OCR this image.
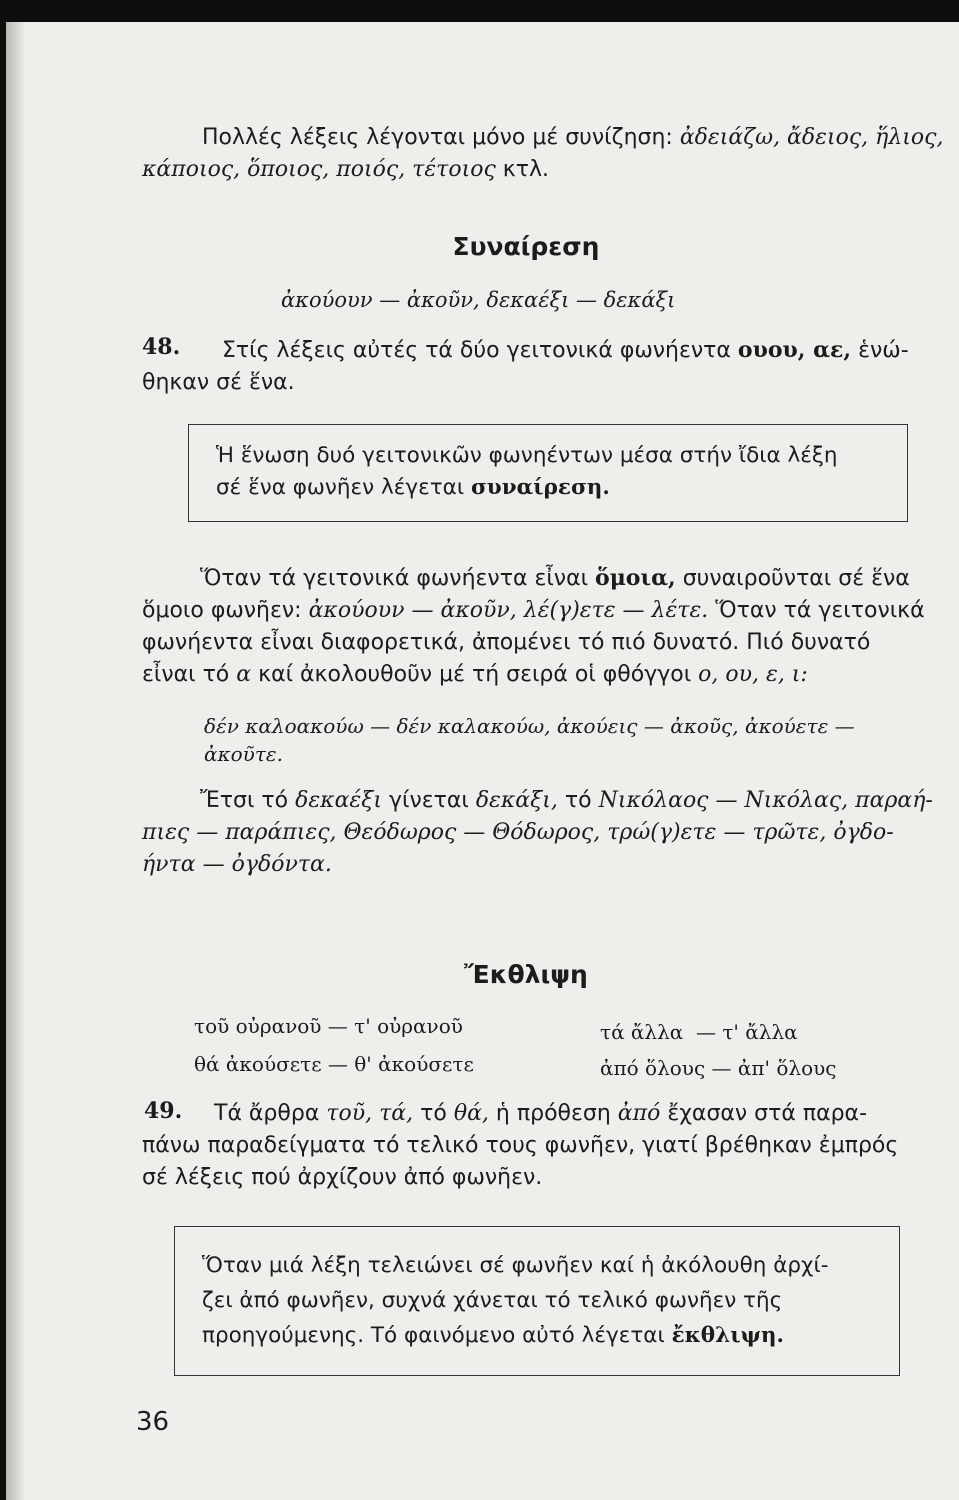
Πολλές λέξεις λέγονται μόνο μέ συνίζηση: ἀδειάζω, ἄδειος, ἥλιος,
κάποιος, ὅποιος, ποιός, τέτοιος κτλ.
Συναίρεση
ἀκούουν — ἀκοῦν, δεκαέξι — δεκάξι
48. Στίς λέξεις αὐτές τά δύο γειτονικά φωνήεντα ουου, αε, ἑνώ-
θηκαν σέ ἕνα.
Ἡ ἕνωση δυό γειτονικῶν φωνηέντων μέσα στήν ἴδια λέξη
σέ ἕνα φωνῆεν λέγεται συναίρεση.
Ὅταν τά γειτονικά φωνήεντα εἶναι ὅμοια, συναιροῦνται σέ ἕνα
ὅμοιο φωνῆεν: ἀκούουν — ἀκοῦν, λέ(γ)ετε — λέτε. Ὅταν τά γειτονικά
φωνήεντα εἶναι διαφορετικά, ἀπομένει τό πιό δυνατό. Πιό δυνατό
εἶναι τό α καί ἀκολουθοῦν μέ τή σειρά οἱ φθόγγοι ο, ου, ε, ι:
δέν καλοακούω — δέν καλακούω, ἀκούεις — ἀκοῦς, ἀκούετε —
ἀκοῦτε.
Ἔτσι τό δεκαέξι γίνεται δεκάξι, τό Νικόλαος — Νικόλας, παραή-
πιες — παράπιες, Θεόδωρος — Θόδωρος, τρώ(γ)ετε — τρῶτε, ὀγδο-
ήντα — ὀγδόντα.
Ἔκθλιψη
τοῦ οὐρανοῦ — τ' οὐρανοῦ
θά ἀκούσετε — θ' ἀκούσετε
τά ἄλλα  — τ' ἄλλα
ἀπό ὅλους — ἀπ' ὅλους
49. Τά ἄρθρα τοῦ, τά, τό θά, ἡ πρόθεση ἀπό ἔχασαν στά παρα-
πάνω παραδείγματα τό τελικό τους φωνῆεν, γιατί βρέθηκαν ἐμπρός
σέ λέξεις πού ἀρχίζουν ἀπό φωνῆεν.
Ὅταν μιά λέξη τελειώνει σέ φωνῆεν καί ἡ ἀκόλουθη ἀρχί-
ζει ἀπό φωνῆεν, συχνά χάνεται τό τελικό φωνῆεν τῆς
προηγούμενης. Τό φαινόμενο αὐτό λέγεται ἔκθλιψη.
36
